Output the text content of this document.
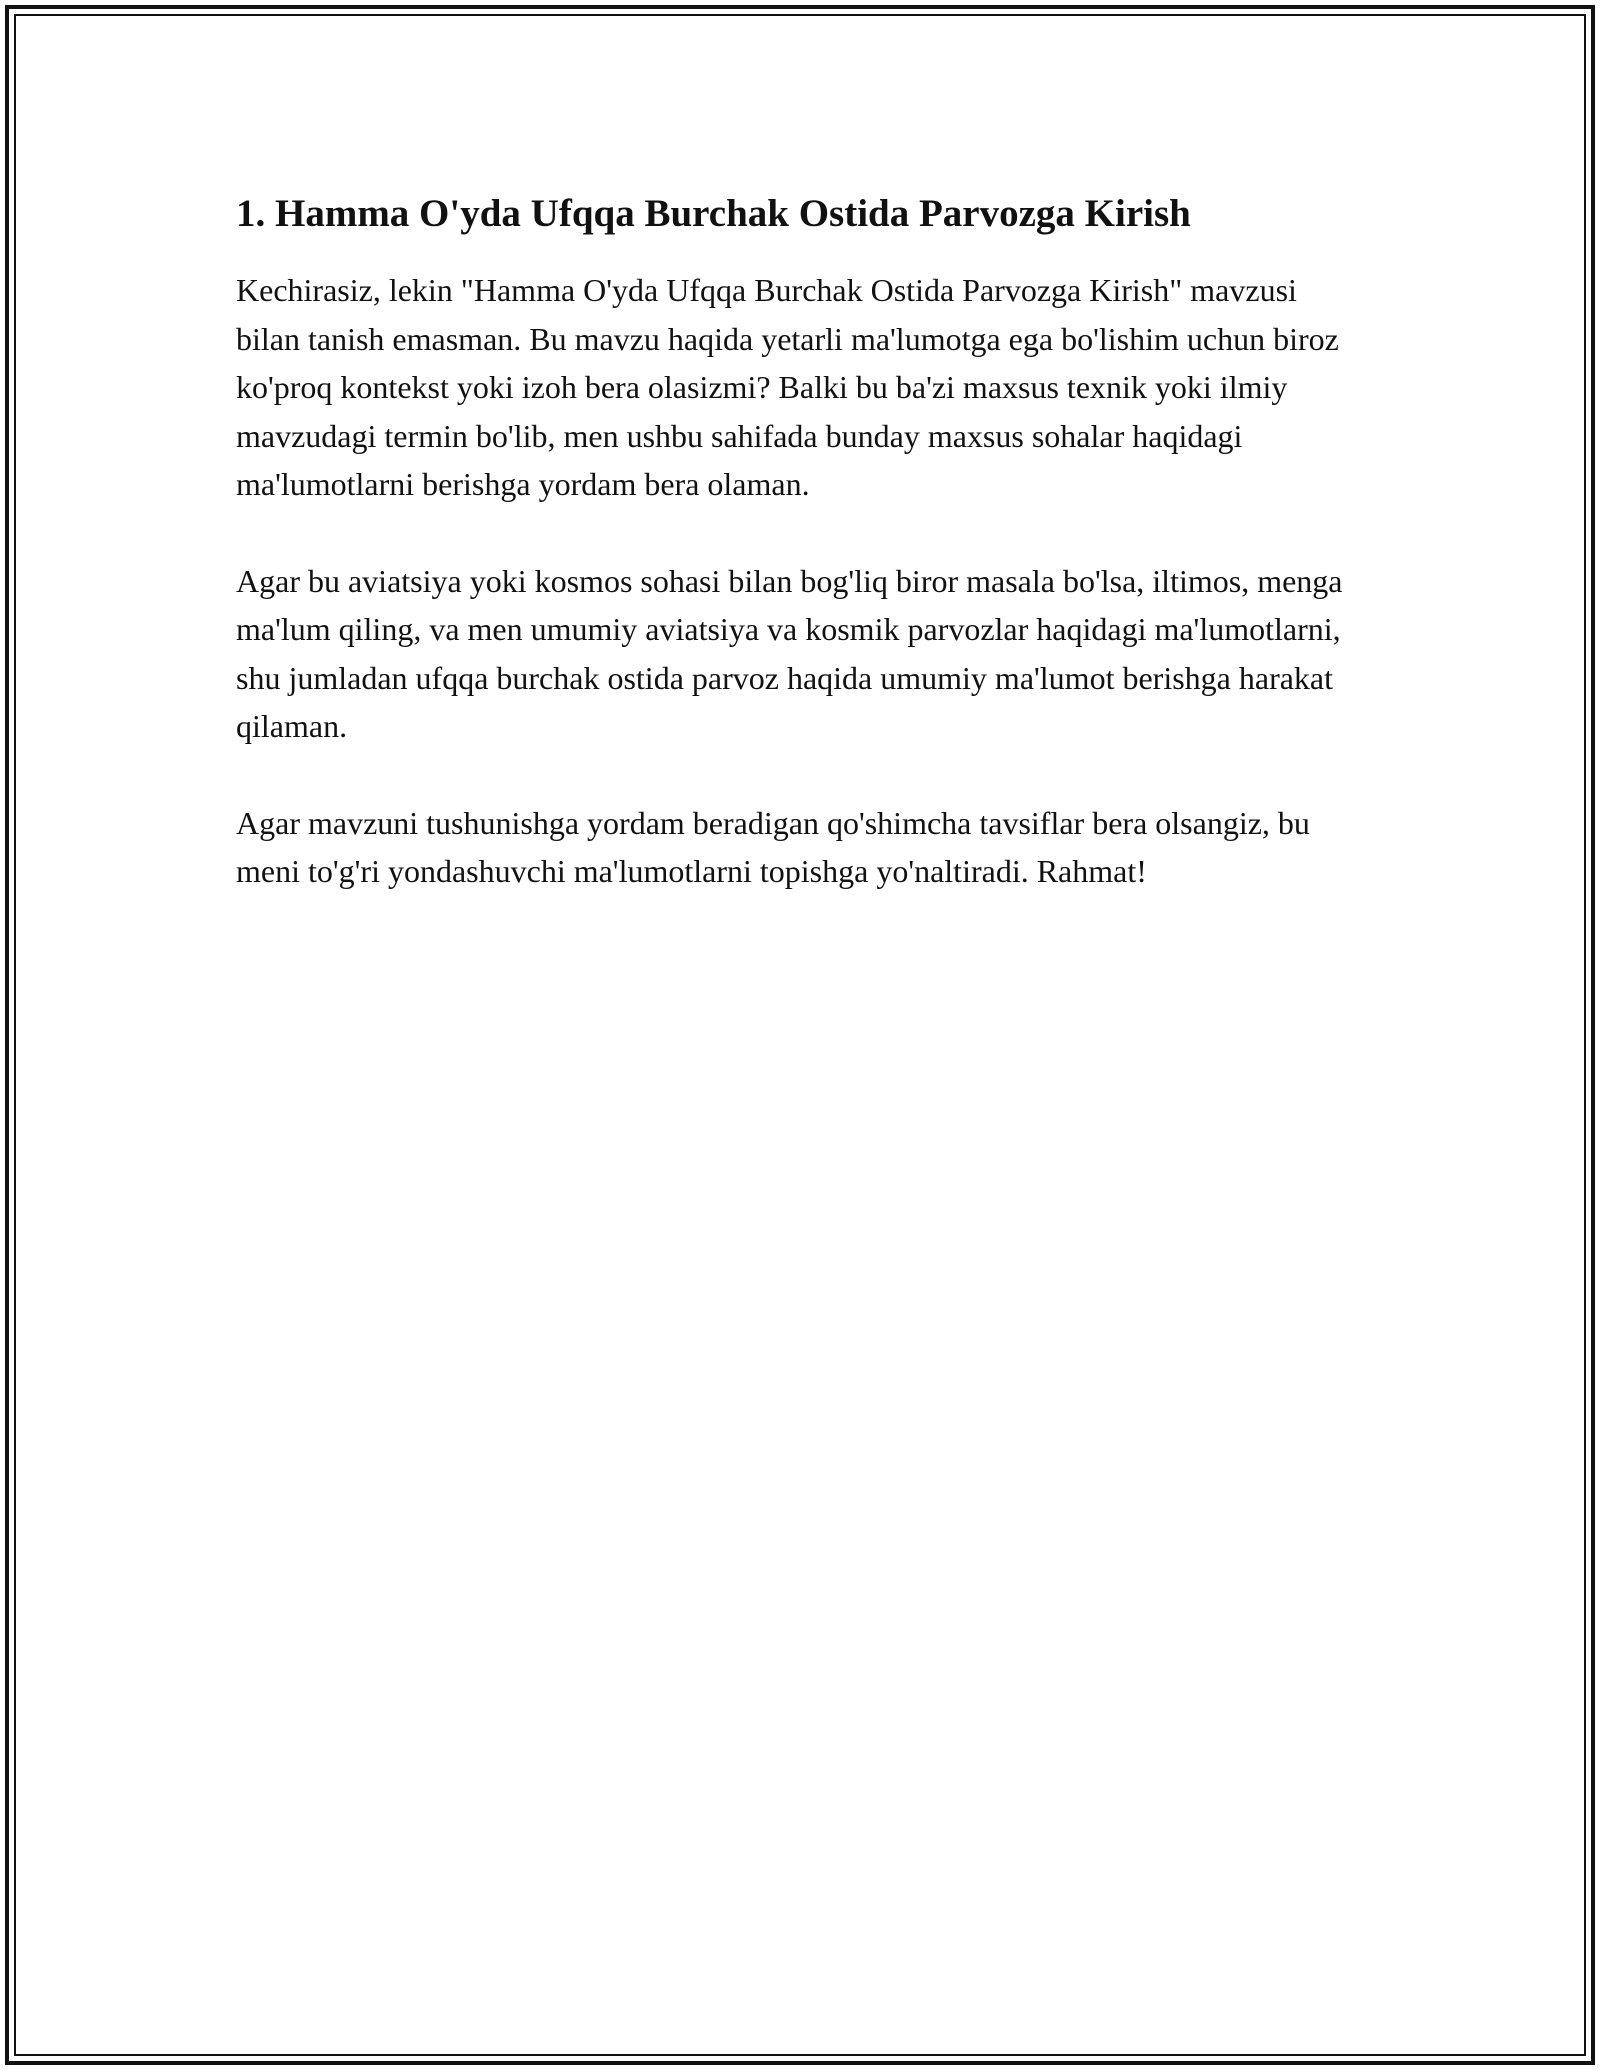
1. Hamma O'yda Ufqqa Burchak Ostida Parvozga Kirish

Kechirasiz, lekin "Hamma O'yda Ufqqa Burchak Ostida Parvozga Kirish" mavzusi bilan tanish emasman. Bu mavzu haqida yetarli ma'lumotga ega bo'lishim uchun biroz ko'proq kontekst yoki izoh bera olasizmi? Balki bu ba'zi maxsus texnik yoki ilmiy mavzudagi termin bo'lib, men ushbu sahifada bunday maxsus sohalar haqidagi ma'lumotlarni berishga yordam bera olaman.

Agar bu aviatsiya yoki kosmos sohasi bilan bog'liq biror masala bo'lsa, iltimos, menga ma'lum qiling, va men umumiy aviatsiya va kosmik parvozlar haqidagi ma'lumotlarni, shu jumladan ufqqa burchak ostida parvoz haqida umumiy ma'lumot berishga harakat qilaman.

Agar mavzuni tushunishga yordam beradigan qo'shimcha tavsiflar bera olsangiz, bu meni to'g'ri yondashuvchi ma'lumotlarni topishga yo'naltiradi. Rahmat!
